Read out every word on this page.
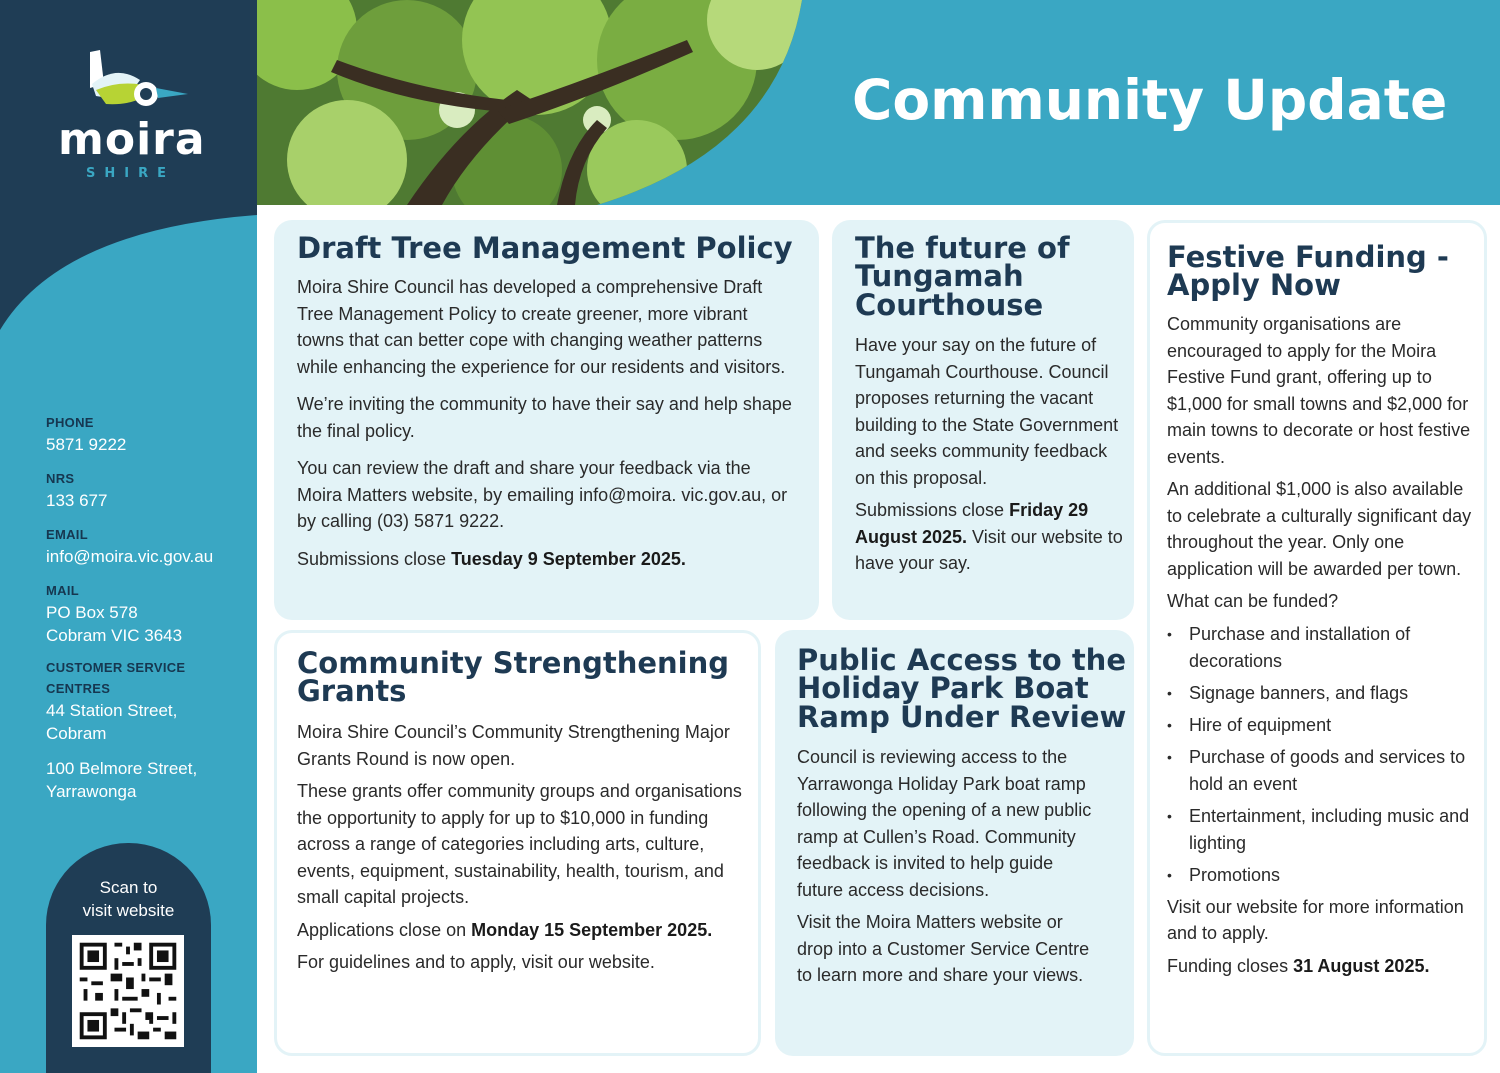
moira
SHIRE
PHONE
5871 9222
NRS
133 677
EMAIL
info@moira.vic.gov.au
MAIL
PO Box 578
Cobram VIC 3643
CUSTOMER SERVICE
CENTRES
44 Station Street,
Cobram
100 Belmore Street,
Yarrawonga
Scan to
visit website
Community Update
Draft Tree Management Policy

Moira Shire Council has developed a comprehensive Draft Tree Management Policy to create greener, more vibrant towns that can better cope with changing weather patterns while enhancing the experience for our residents and visitors.

We’re inviting the community to have their say and help shape the final policy.

You can review the draft and share your feedback via the Moira Matters website, by emailing info@moira. vic.gov.au, or by calling (03) 5871 9222.

Submissions close Tuesday 9 September 2025.

The future of
Tungamah
Courthouse

Have your say on the future of Tungamah Courthouse. Council proposes returning the vacant building to the State Government and seeks community feedback on this proposal.

Submissions close Friday 29 August 2025. Visit our website to have your say.

Festive Funding -
Apply Now

Community organisations are encouraged to apply for the Moira Festive Fund grant, offering up to $1,000 for small towns and $2,000 for main towns to decorate or host festive events.

An additional $1,000 is also available to celebrate a culturally significant day throughout the year. Only one application will be awarded per town.

What can be funded?

• Purchase and installation of decorations
• Signage banners, and flags
• Hire of equipment
• Purchase of goods and services to hold an event
• Entertainment, including music and lighting
• Promotions

Visit our website for more information and to apply.

Funding closes 31 August 2025.

Community Strengthening
Grants

Moira Shire Council’s Community Strengthening Major Grants Round is now open.

These grants offer community groups and organisations the opportunity to apply for up to $10,000 in funding across a range of categories including arts, culture, events, equipment, sustainability, health, tourism, and small capital projects.

Applications close on Monday 15 September 2025.

For guidelines and to apply, visit our website.

Public Access to the
Holiday Park Boat
Ramp Under Review

Council is reviewing access to the Yarrawonga Holiday Park boat ramp following the opening of a new public ramp at Cullen’s Road. Community feedback is invited to help guide future access decisions.

Visit the Moira Matters website or drop into a Customer Service Centre to learn more and share your views.
